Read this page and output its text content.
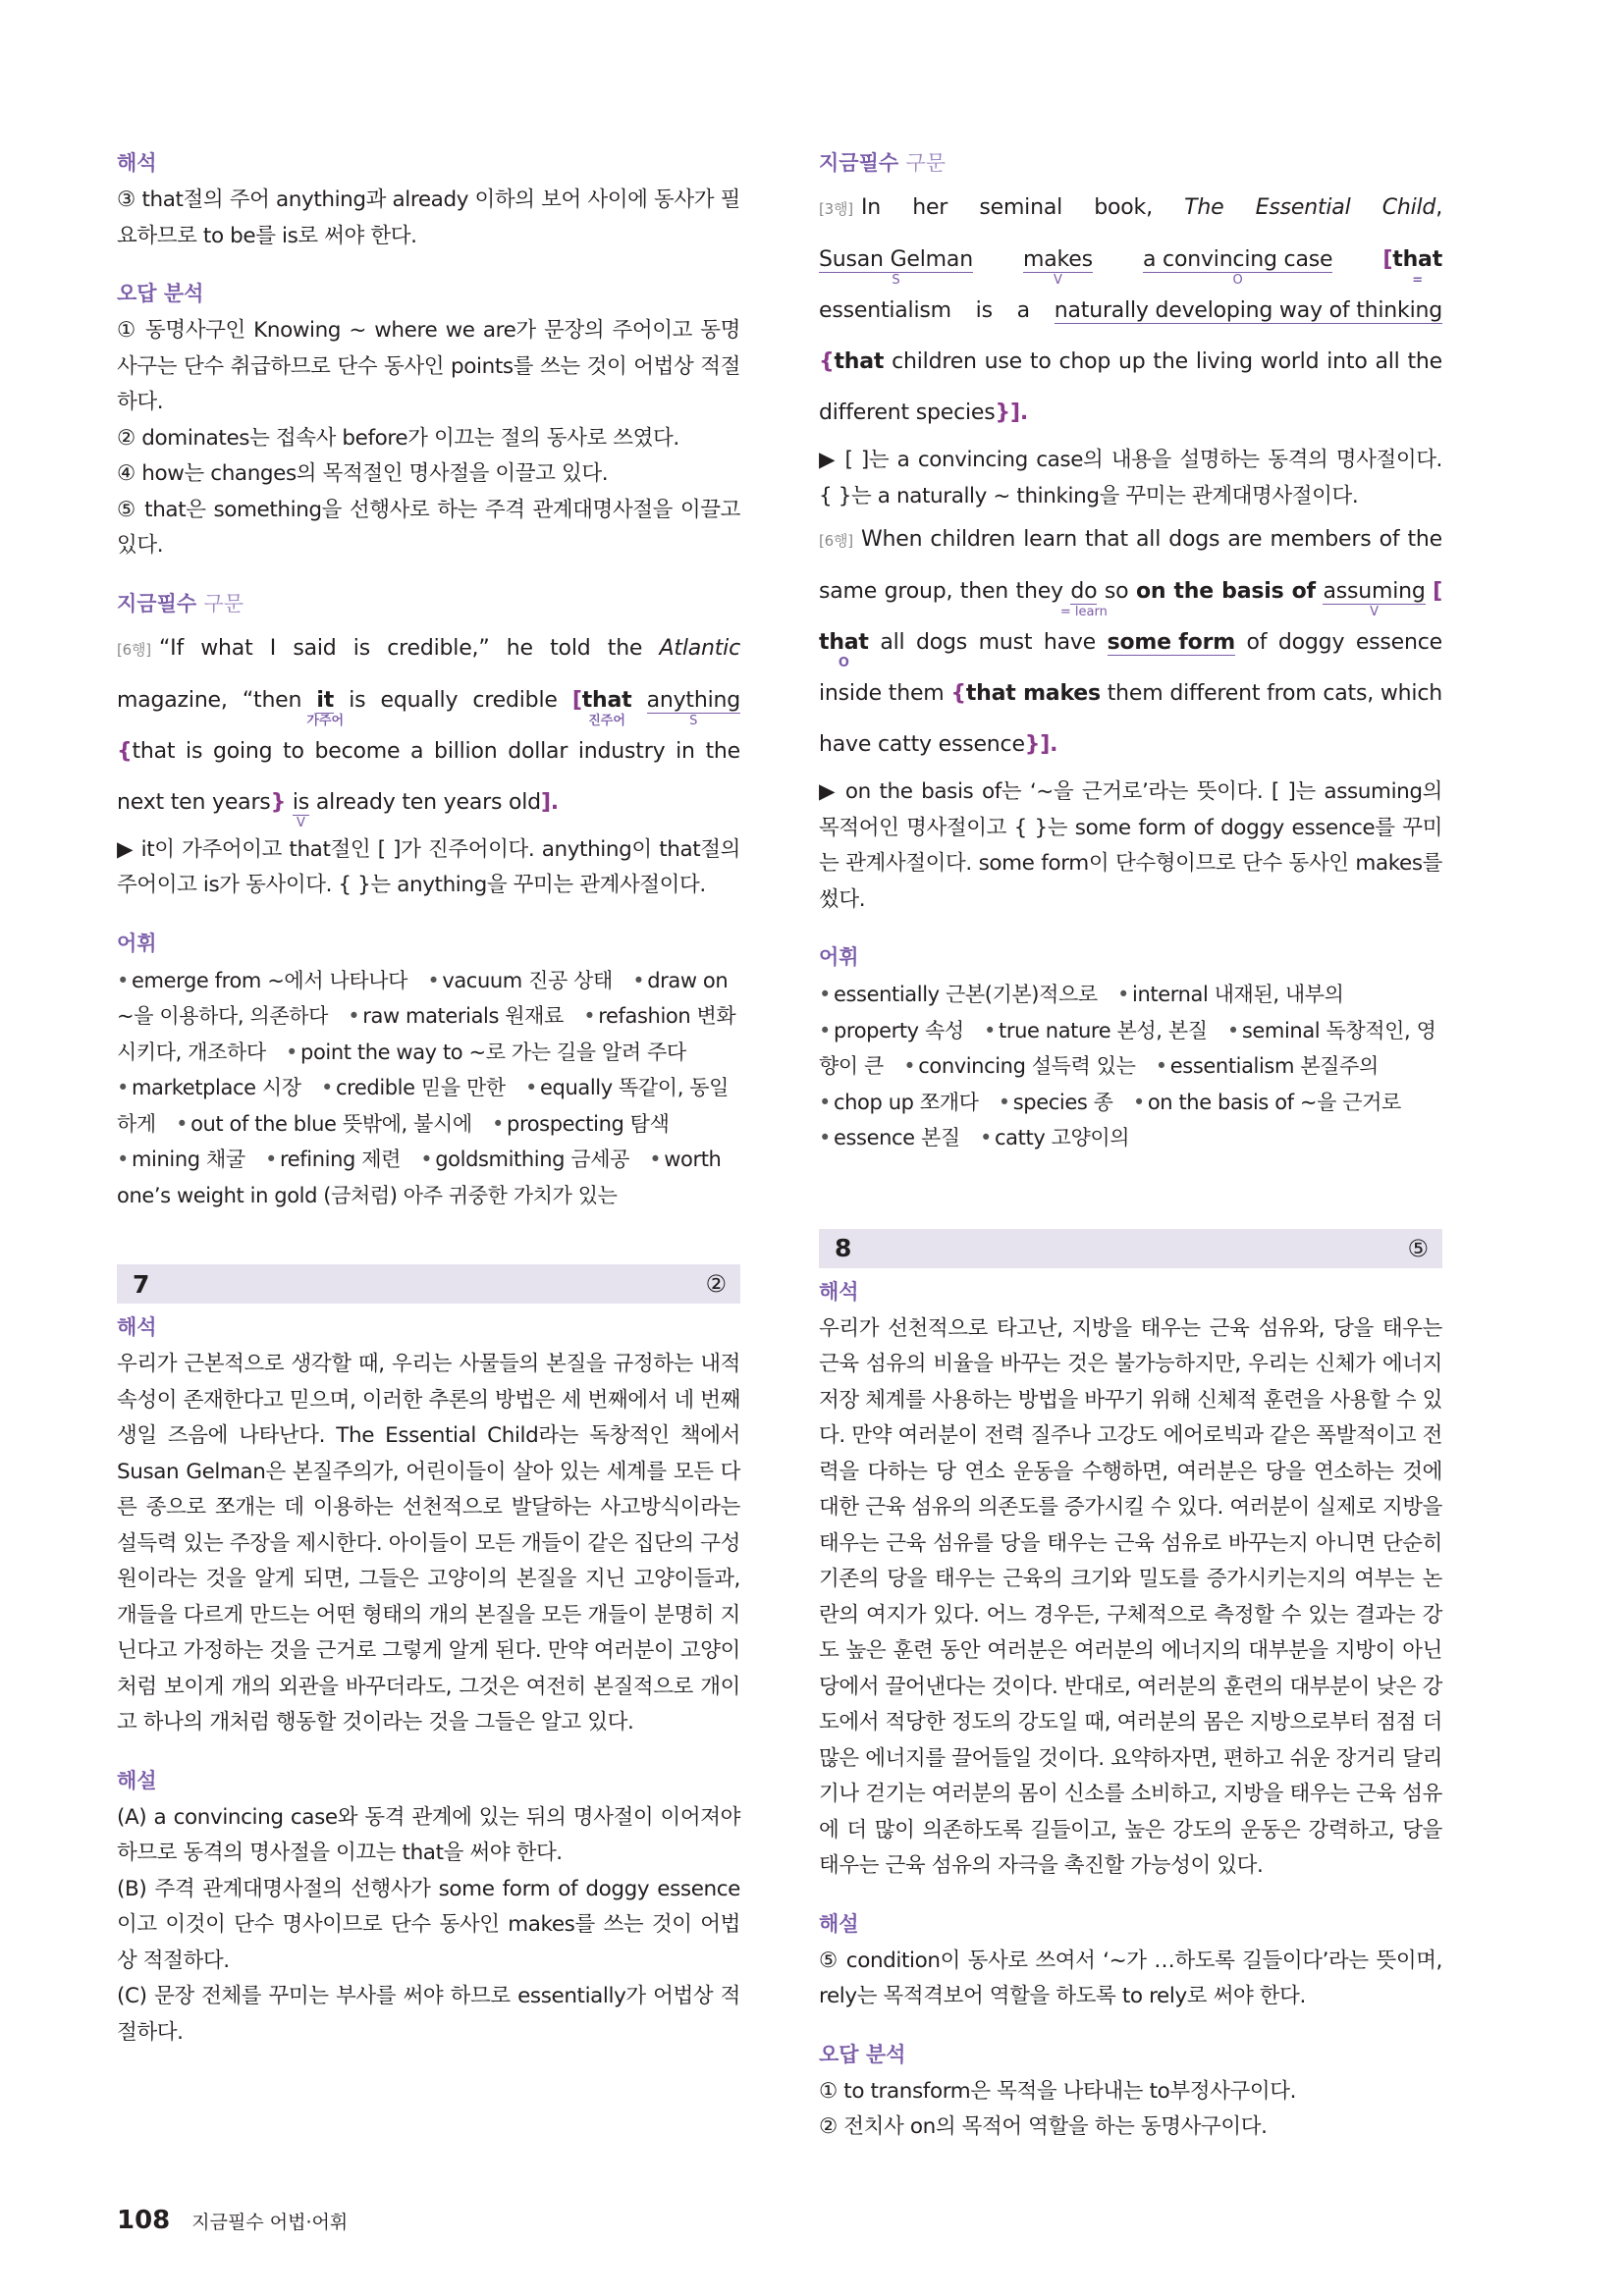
해석

③ that절의 주어 anything과 already 이하의 보어 사이에 동사가 필요하므로 to be를 is로 써야 한다.

오답 분석

① 동명사구인 Knowing ~ where we are가 문장의 주어이고 동명사구는 단수 취급하므로 단수 동사인 points를 쓰는 것이 어법상 적절하다.

② dominates는 접속사 before가 이끄는 절의 동사로 쓰였다.

④ how는 changes의 목적절인 명사절을 이끌고 있다.

⑤ that은 something을 선행사로 하는 주격 관계대명사절을 이끌고 있다.

지금필수 구문

[6행] “If what I said is credible,” he told the Atlantic magazine, “then it
가주어
is equally credible [that
진주어
anything
S
{that is going to become a billion dollar industry in the next ten years} is
V
already ten years old].

▶ it이 가주어이고 that절인 [ ]가 진주어이다. anything이 that절의 주어이고 is가 동사이다. { }는 anything을 꾸미는 관계사절이다.

어휘

• emerge from ~에서 나타나다 • vacuum 진공 상태 • draw on ~을 이용하다, 의존하다 • raw materials 원재료 • refashion 변화시키다, 개조하다 • point the way to ~로 가는 길을 알려 주다 • marketplace 시장 • credible 믿을 만한 • equally 똑같이, 동일하게 • out of the blue 뜻밖에, 불시에 • prospecting 탐색 • mining 채굴 • refining 제련 • goldsmithing 금세공 • worth one’s weight in gold (금처럼) 아주 귀중한 가치가 있는

7	②
해석

우리가 근본적으로 생각할 때, 우리는 사물들의 본질을 규정하는 내적 속성이 존재한다고 믿으며, 이러한 추론의 방법은 세 번째에서 네 번째 생일 즈음에 나타난다. The Essential Child라는 독창적인 책에서 Susan Gelman은 본질주의가, 어린이들이 살아 있는 세계를 모든 다른 종으로 쪼개는 데 이용하는 선천적으로 발달하는 사고방식이라는 설득력 있는 주장을 제시한다. 아이들이 모든 개들이 같은 집단의 구성원이라는 것을 알게 되면, 그들은 고양이의 본질을 지닌 고양이들과, 개들을 다르게 만드는 어떤 형태의 개의 본질을 모든 개들이 분명히 지닌다고 가정하는 것을 근거로 그렇게 알게 된다. 만약 여러분이 고양이처럼 보이게 개의 외관을 바꾸더라도, 그것은 여전히 본질적으로 개이고 하나의 개처럼 행동할 것이라는 것을 그들은 알고 있다.

해설

(A) a convincing case와 동격 관계에 있는 뒤의 명사절이 이어져야 하므로 동격의 명사절을 이끄는 that을 써야 한다.

(B) 주격 관계대명사절의 선행사가 some form of doggy essence이고 이것이 단수 명사이므로 단수 동사인 makes를 쓰는 것이 어법상 적절하다.

(C) 문장 전체를 꾸미는 부사를 써야 하므로 essentially가 어법상 적절하다.

지금필수 구문

[3행] In her seminal book, The Essential Child, Susan Gelman
S
makes
V
a convincing case
O
[that
=
essentialism is a naturally developing way of thinking {that children use to chop up the living world into all the different species}].

▶ [ ]는 a convincing case의 내용을 설명하는 동격의 명사절이다. { }는 a naturally ~ thinking을 꾸미는 관계대명사절이다.

[6행] When children learn that all dogs are members of the same group, then they do
= learn
so on the basis of assuming
V
[that
O
all dogs must have some form of doggy essence inside them {that makes them different from cats, which have catty essence}].

▶ on the basis of는 ‘~을 근거로’라는 뜻이다. [ ]는 assuming의 목적어인 명사절이고 { }는 some form of doggy essence를 꾸미는 관계사절이다. some form이 단수형이므로 단수 동사인 makes를 썼다.

어휘

• essentially 근본(기본)적으로 • internal 내재된, 내부의 • property 속성 • true nature 본성, 본질 • seminal 독창적인, 영향이 큰 • convincing 설득력 있는 • essentialism 본질주의 • chop up 쪼개다 • species 종 • on the basis of ~을 근거로 • essence 본질 • catty 고양이의

8	⑤
해석

우리가 선천적으로 타고난, 지방을 태우는 근육 섬유와, 당을 태우는 근육 섬유의 비율을 바꾸는 것은 불가능하지만, 우리는 신체가 에너지 저장 체계를 사용하는 방법을 바꾸기 위해 신체적 훈련을 사용할 수 있다. 만약 여러분이 전력 질주나 고강도 에어로빅과 같은 폭발적이고 전력을 다하는 당 연소 운동을 수행하면, 여러분은 당을 연소하는 것에 대한 근육 섬유의 의존도를 증가시킬 수 있다. 여러분이 실제로 지방을 태우는 근육 섬유를 당을 태우는 근육 섬유로 바꾸는지 아니면 단순히 기존의 당을 태우는 근육의 크기와 밀도를 증가시키는지의 여부는 논란의 여지가 있다. 어느 경우든, 구체적으로 측정할 수 있는 결과는 강도 높은 훈련 동안 여러분은 여러분의 에너지의 대부분을 지방이 아닌 당에서 끌어낸다는 것이다. 반대로, 여러분의 훈련의 대부분이 낮은 강도에서 적당한 정도의 강도일 때, 여러분의 몸은 지방으로부터 점점 더 많은 에너지를 끌어들일 것이다. 요약하자면, 편하고 쉬운 장거리 달리기나 걷기는 여러분의 몸이 신소를 소비하고, 지방을 태우는 근육 섬유에 더 많이 의존하도록 길들이고, 높은 강도의 운동은 강력하고, 당을 태우는 근육 섬유의 자극을 촉진할 가능성이 있다.

해설

⑤ condition이 동사로 쓰여서 ‘~가 …하도록 길들이다’라는 뜻이며, rely는 목적격보어 역할을 하도록 to rely로 써야 한다.

오답 분석

① to transform은 목적을 나타내는 to부정사구이다.

② 전치사 on의 목적어 역할을 하는 동명사구이다.

108 지금필수 어법·어휘
